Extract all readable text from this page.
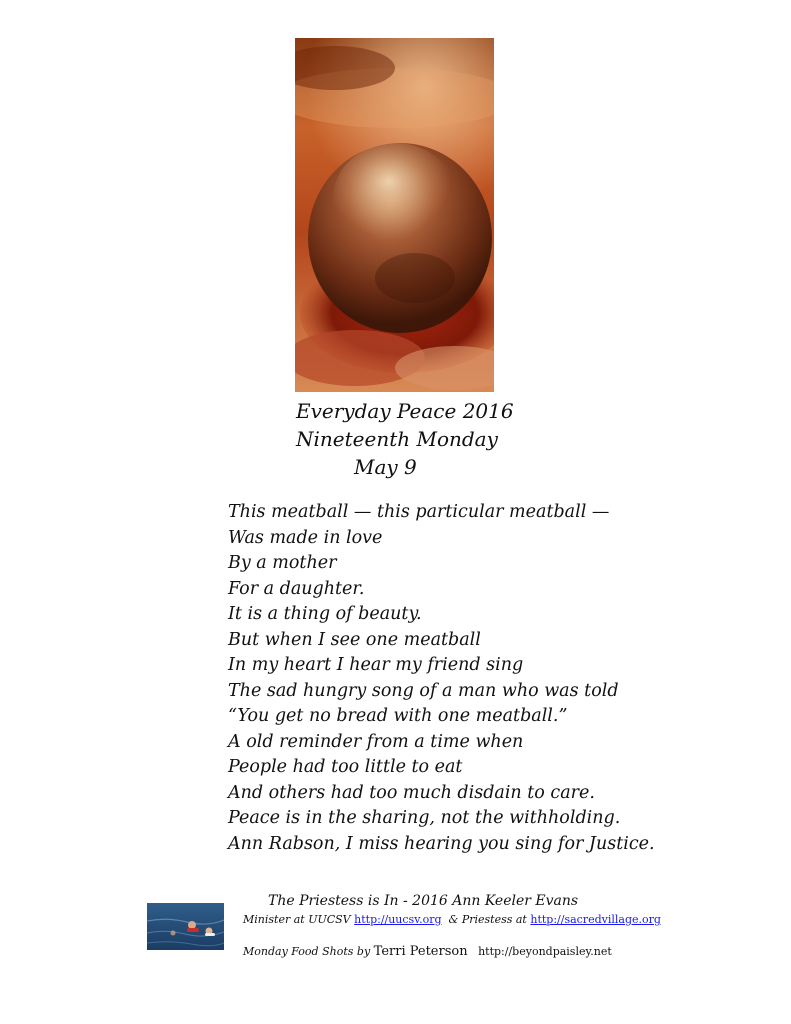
Everyday Peace 2016
Nineteenth Monday
May 9
This meatball — this particular meatball —
Was made in love
By a mother
For a daughter.
It is a thing of beauty.
But when I see one meatball
In my heart I hear my friend sing
The sad hungry song of a man who was told
“You get no bread with one meatball.”
A old reminder from a time when
People had too little to eat
And others had too much disdain to care.
Peace is in the sharing, not the withholding.
Ann Rabson, I miss hearing you sing for Justice.
The Priestess is In - 2016 Ann Keeler Evans
Minister at UUCSV http://uucsv.org & Priestess at http://sacredvillage.org
Monday Food Shots by Terri Peterson http://beyondpaisley.net
